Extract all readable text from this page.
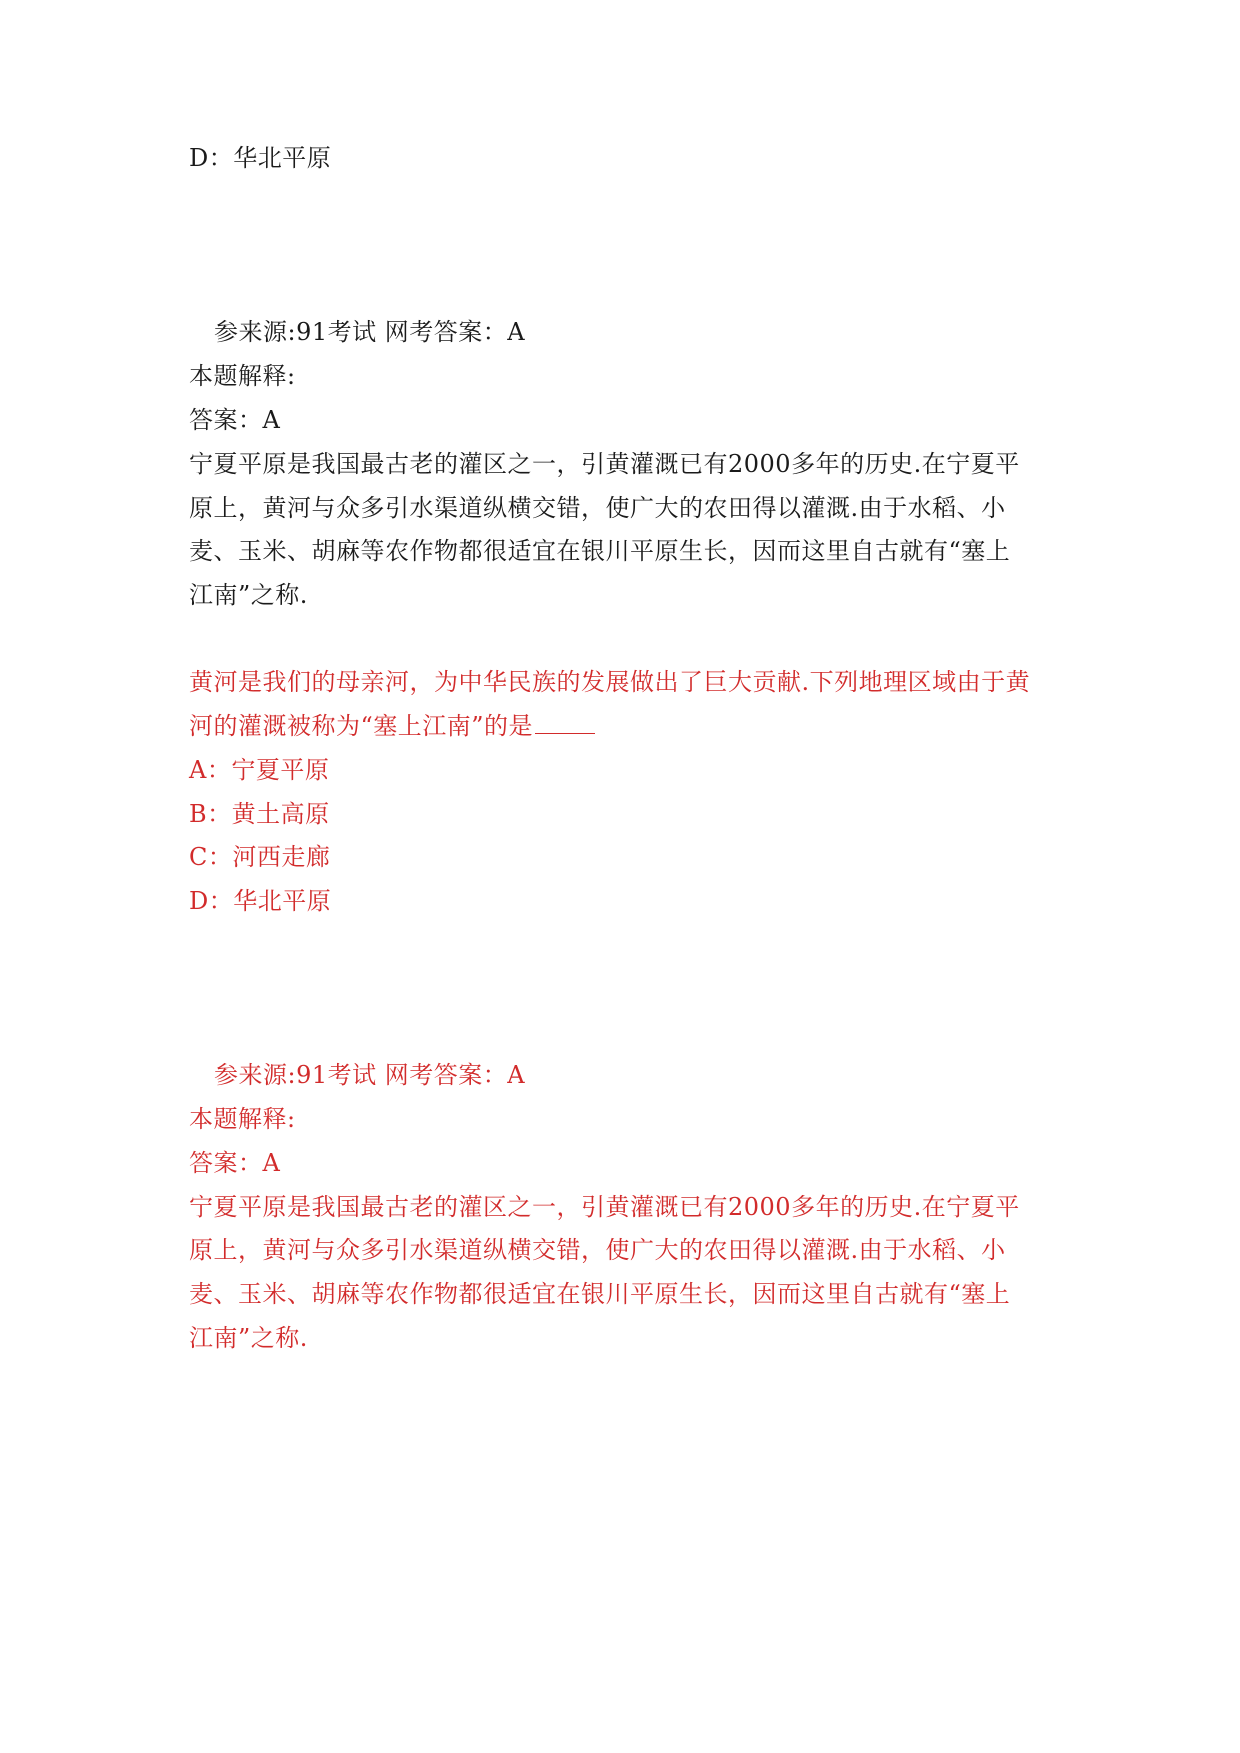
D：华北平原
参来源:91考试 网考答案：A
本题解释:
答案：A
宁夏平原是我国最古老的灌区之一，引黄灌溉已有2000多年的历史.在宁夏平
原上，黄河与众多引水渠道纵横交错，使广大的农田得以灌溉.由于水稻、小
麦、玉米、胡麻等农作物都很适宜在银川平原生长，因而这里自古就有“塞上
江南”之称.
黄河是我们的母亲河，为中华民族的发展做出了巨大贡献.下列地理区域由于黄
河的灌溉被称为“塞上江南”的是
A：宁夏平原
B：黄土高原
C：河西走廊
D：华北平原
参来源:91考试 网考答案：A
本题解释:
答案：A
宁夏平原是我国最古老的灌区之一，引黄灌溉已有2000多年的历史.在宁夏平
原上，黄河与众多引水渠道纵横交错，使广大的农田得以灌溉.由于水稻、小
麦、玉米、胡麻等农作物都很适宜在银川平原生长，因而这里自古就有“塞上
江南”之称.
